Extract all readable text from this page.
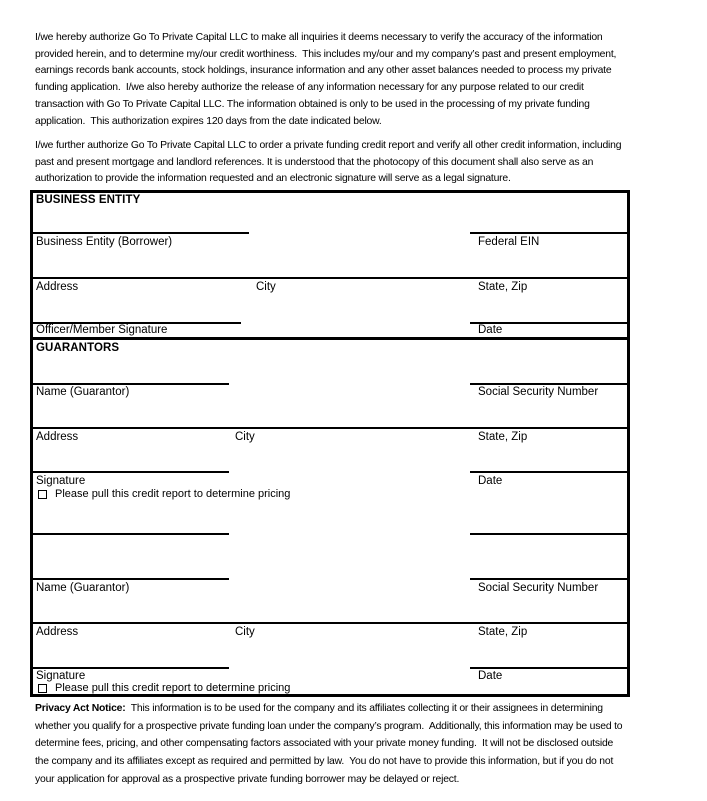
I/we hereby authorize Go To Private Capital LLC to make all inquiries it deems necessary to verify the accuracy of the information
provided herein, and to determine my/our credit worthiness.  This includes my/our and my company’s past and present employment,
earnings records bank accounts, stock holdings, insurance information and any other asset balances needed to process my private
funding application.  I/we also hereby authorize the release of any information necessary for any purpose related to our credit
transaction with Go To Private Capital LLC. The information obtained is only to be used in the processing of my private funding
application.  This authorization expires 120 days from the date indicated below.
I/we further authorize Go To Private Capital LLC to order a private funding credit report and verify all other credit information, including
past and present mortgage and landlord references. It is understood that the photocopy of this document shall also serve as an
authorization to provide the information requested and an electronic signature will serve as a legal signature.
BUSINESS ENTITY
Business Entity (Borrower)	Federal EIN
Address	City	State, Zip
Officer/Member Signature	Date
GUARANTORS
Name (Guarantor)	Social Security Number
Address	City	State, Zip
Signature	Date
Please pull this credit report to determine pricing
Name (Guarantor)	Social Security Number
Address	City	State, Zip
Signature	Date
Please pull this credit report to determine pricing
Privacy Act Notice:  This information is to be used for the company and its affiliates collecting it or their assignees in determining
whether you qualify for a prospective private funding loan under the company’s program.  Additionally, this information may be used to
determine fees, pricing, and other compensating factors associated with your private money funding.  It will not be disclosed outside
the company and its affiliates except as required and permitted by law.  You do not have to provide this information, but if you do not
your application for approval as a prospective private funding borrower may be delayed or reject.
